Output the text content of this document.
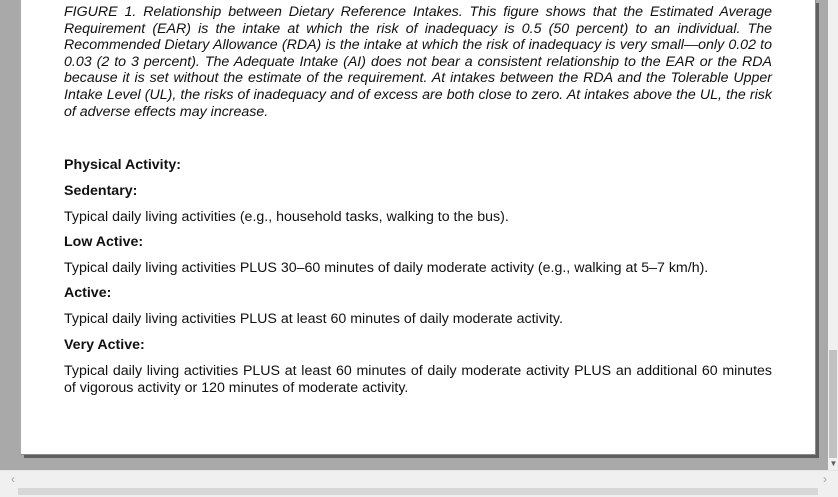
FIGURE 1. Relationship between Dietary Reference Intakes. This figure shows that the Estimated Average Requirement (EAR) is the intake at which the risk of inadequacy is 0.5 (50 percent) to an individual. The Recommended Dietary Allowance (RDA) is the intake at which the risk of inadequacy is very small—only 0.02 to 0.03 (2 to 3 percent). The Adequate Intake (AI) does not bear a consistent relationship to the EAR or the RDA because it is set without the estimate of the requirement. At intakes between the RDA and the Tolerable Upper Intake Level (UL), the risks of inadequacy and of excess are both close to zero. At intakes above the UL, the risk of adverse effects may increase.

Physical Activity:

Sedentary:

Typical daily living activities (e.g., household tasks, walking to the bus).

Low Active:

Typical daily living activities PLUS 30–60 minutes of daily moderate activity (e.g., walking at 5–7 km/h).

Active:

Typical daily living activities PLUS at least 60 minutes of daily moderate activity.

Very Active:

Typical daily living activities PLUS at least 60 minutes of daily moderate activity PLUS an additional 60 minutes of vigorous activity or 120 minutes of moderate activity.

▼
‹	›
